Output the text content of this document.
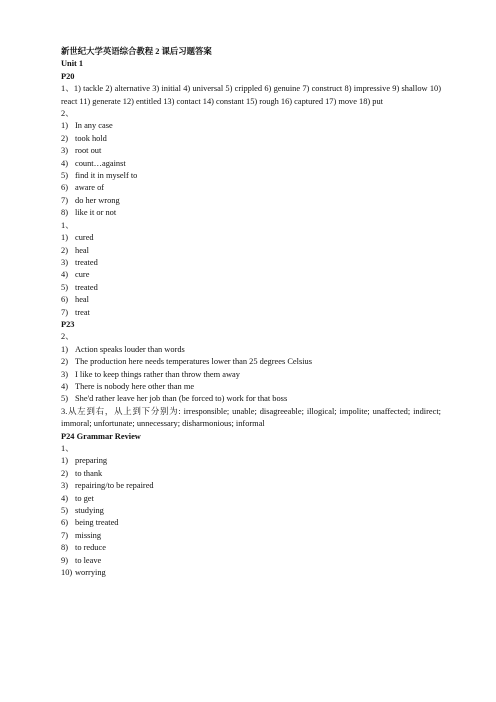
新世纪大学英语综合教程 2 课后习题答案
Unit 1
P20
1、1) tackle 2) alternative 3) initial 4) universal 5) crippled 6) genuine 7) construct 8) impressive 9) shallow 10) react 11) generate 12) entitled 13) contact 14) constant 15) rough 16) captured 17) move 18) put
2、
1) In any case
2) took hold
3) root out
4) count…against
5) find it in myself to
6) aware of
7) do her wrong
8) like it or not
1、
1) cured
2) heal
3) treated
4) cure
5) treated
6) heal
7) treat
P23
2、
1) Action speaks louder than words
2) The production here needs temperatures lower than 25 degrees Celsius
3) I like to keep things rather than throw them away
4) There is nobody here other than me
5) She'd rather leave her job than (be forced to) work for that boss
3.从左到右，从上到下分别为: irresponsible; unable; disagreeable; illogical; impolite; unaffected; indirect; immoral; unfortunate; unnecessary; disharmonious; informal
P24 Grammar Review
1、
1) preparing
2) to thank
3) repairing/to be repaired
4) to get
5) studying
6) being treated
7) missing
8) to reduce
9) to leave
10) worrying
